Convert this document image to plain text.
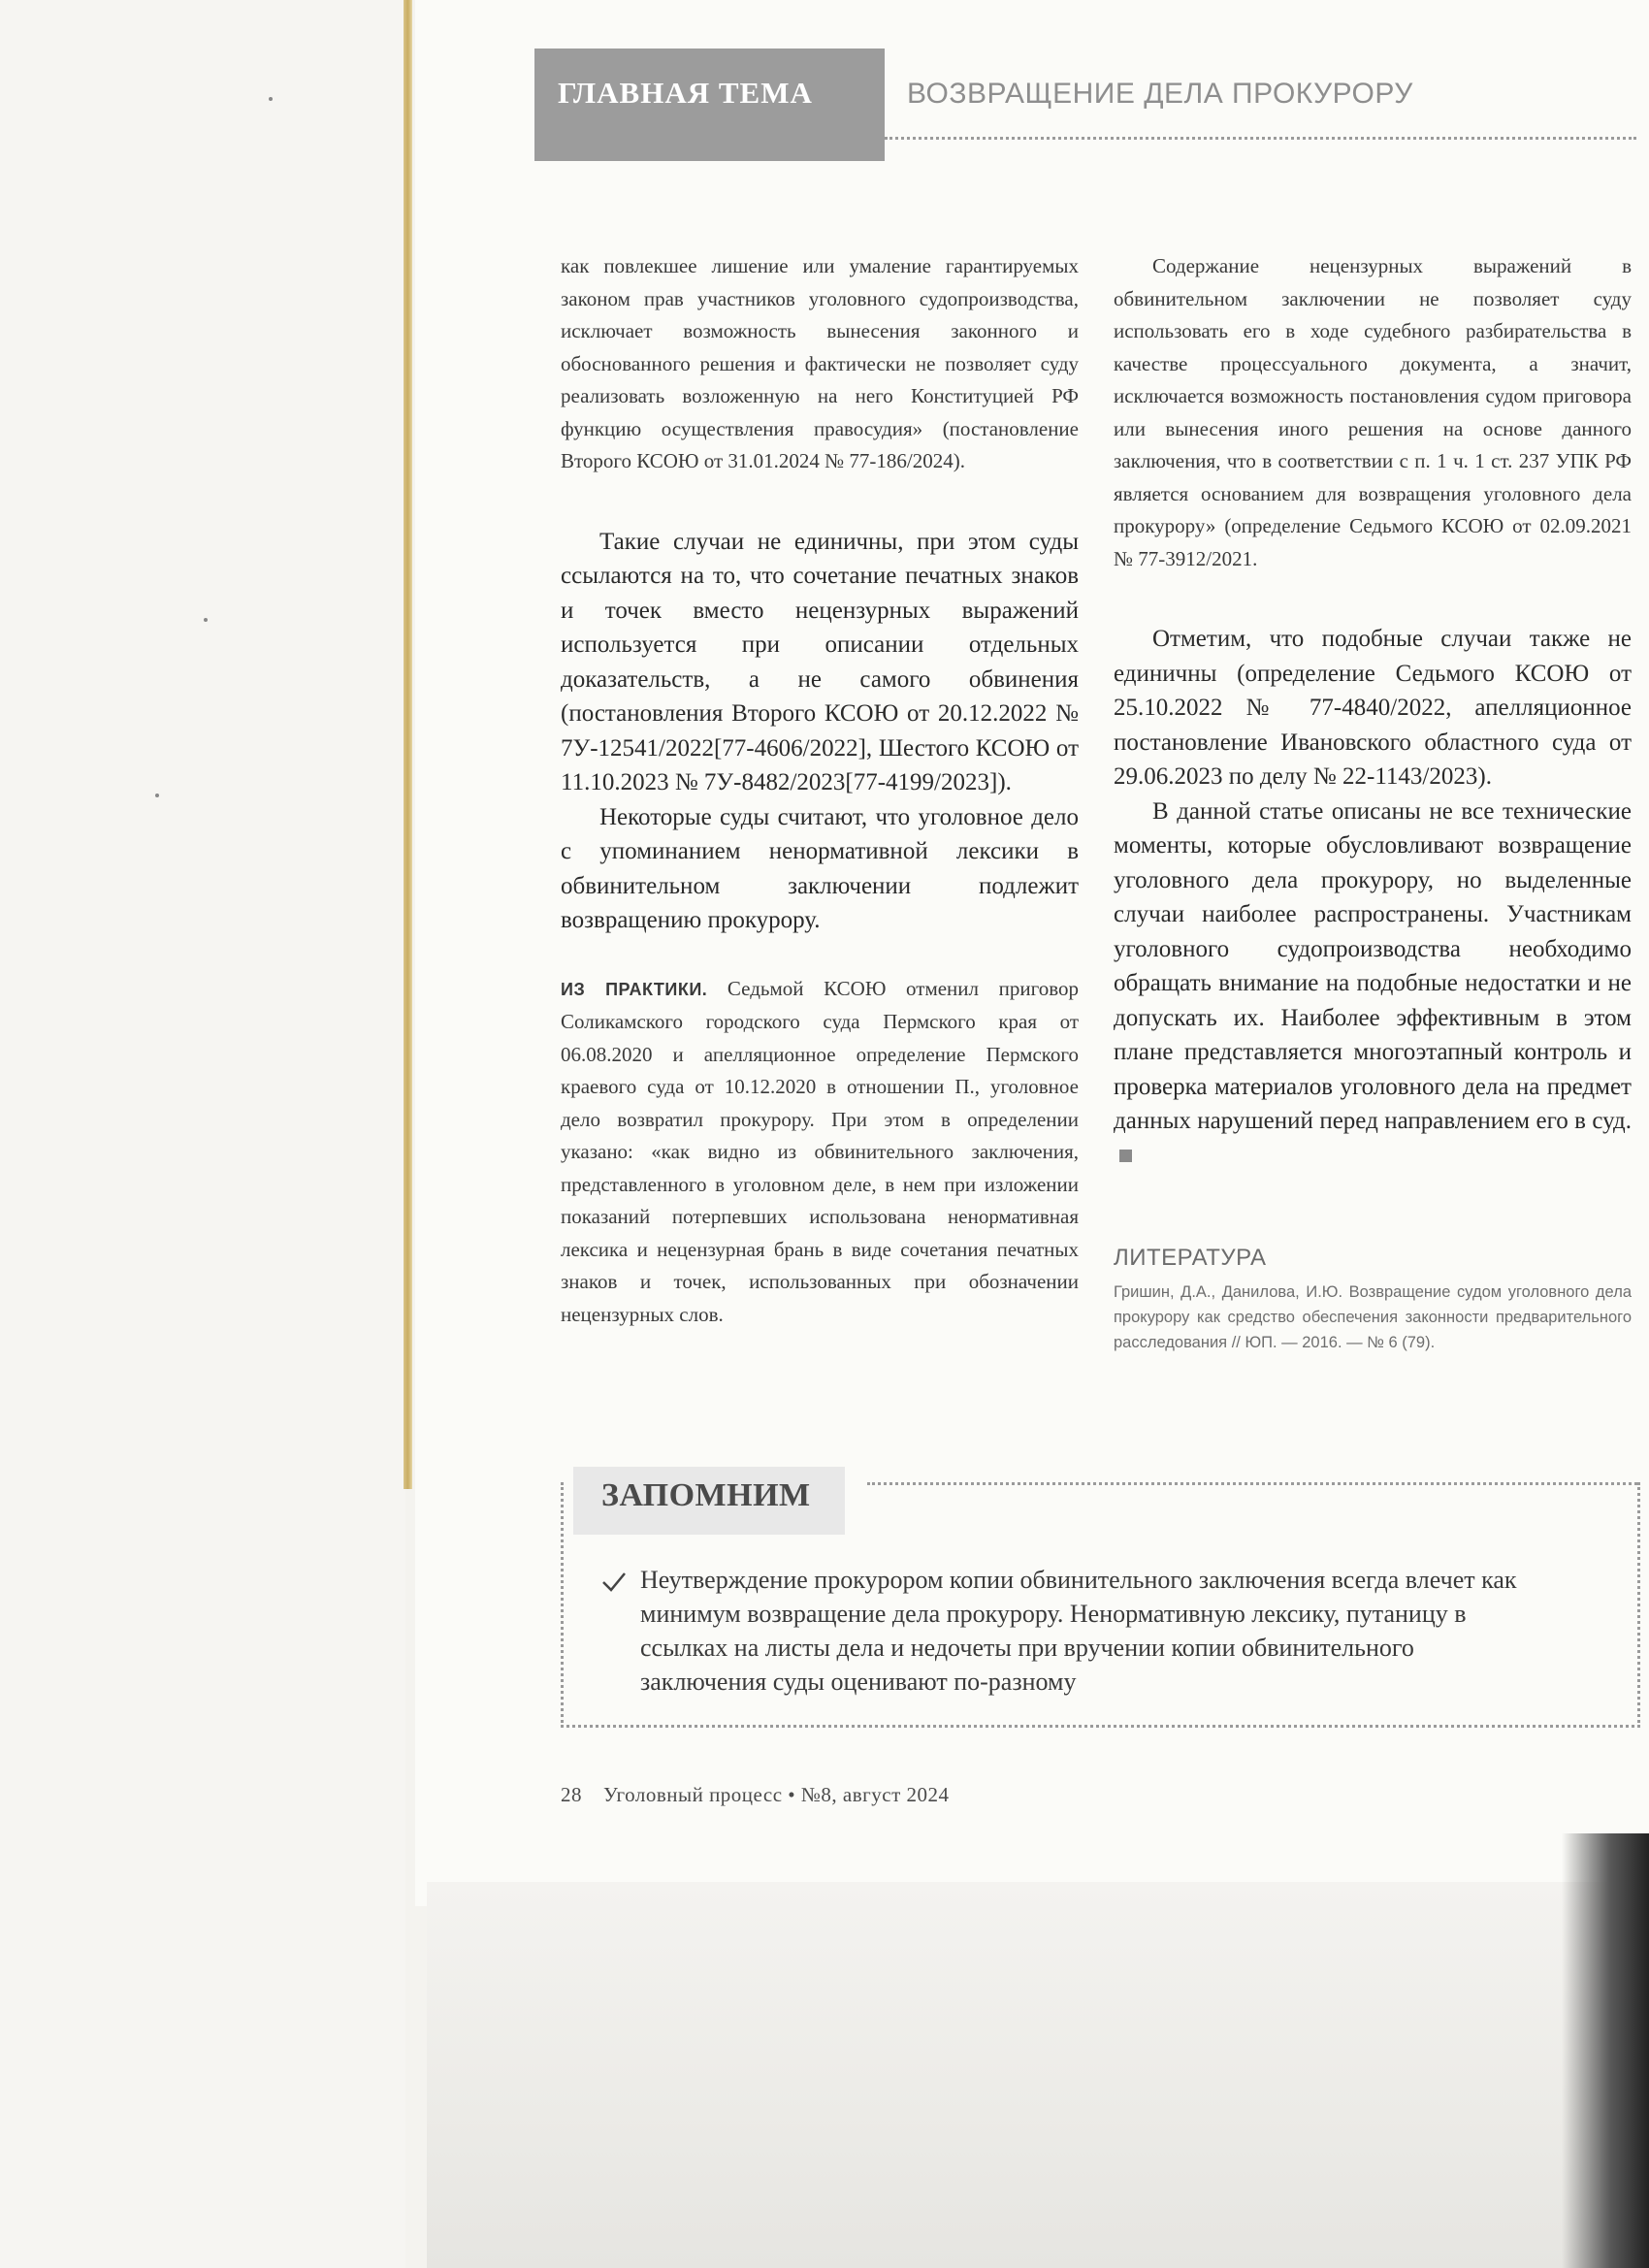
ГЛАВНАЯ ТЕМА	ВОЗВРАЩЕНИЕ ДЕЛА ПРОКУРОРУ

как повлекшее лишение или умаление гарантируемых законом прав участников уголовного судопроизводства, исключает возможность вынесения законного и обоснованного решения и фактически не позволяет суду реализовать возложенную на него Конституцией РФ функцию осуществления правосудия» (постановление Второго КСОЮ от 31.01.2024 № 77-186/2024).

Такие случаи не единичны, при этом суды ссылаются на то, что сочетание печатных знаков и точек вместо нецензурных выражений используется при описании отдельных доказательств, а не самого обвинения (постановления Второго КСОЮ от 20.12.2022 № 7У-12541/2022[77-4606/2022], Шестого КСОЮ от 11.10.2023 № 7У-8482/2023[77-4199/2023]).

Некоторые суды считают, что уголовное дело с упоминанием ненормативной лексики в обвинительном заключении подлежит возвращению прокурору.

ИЗ ПРАКТИКИ. Седьмой КСОЮ отменил приговор Соликамского городского суда Пермского края от 06.08.2020 и апелляционное определение Пермского краевого суда от 10.12.2020 в отношении П., уголовное дело возвратил прокурору. При этом в определении указано: «как видно из обвинительного заключения, представленного в уголовном деле, в нем при изложении показаний потерпевших использована ненормативная лексика и нецензурная брань в виде сочетания печатных знаков и точек, использованных при обозначении нецензурных слов.

Содержание нецензурных выражений в обвинительном заключении не позволяет суду использовать его в ходе судебного разбирательства в качестве процессуального документа, а значит, исключается возможность постановления судом приговора или вынесения иного решения на основе данного заключения, что в соответствии с п. 1 ч. 1 ст. 237 УПК РФ является основанием для возвращения уголовного дела прокурору» (определение Седьмого КСОЮ от 02.09.2021 № 77-3912/2021.

Отметим, что подобные случаи также не единичны (определение Седьмого КСОЮ от 25.10.2022 № 77-4840/2022, апелляционное постановление Ивановского областного суда от 29.06.2023 по делу № 22-1143/2023).

В данной статье описаны не все технические моменты, которые обусловливают возвращение уголовного дела прокурору, но выделенные случаи наиболее распространены. Участникам уголовного судопроизводства необходимо обращать внимание на подобные недостатки и не допускать их. Наиболее эффективным в этом плане представляется многоэтапный контроль и проверка материалов уголовного дела на предмет данных нарушений перед направлением его в суд.

ЛИТЕРАТУРА
Гришин, Д.А., Данилова, И.Ю. Возвращение судом уголовного дела прокурору как средство обеспечения законности предварительного расследования // ЮП. — 2016. — № 6 (79).
ЗАПОМНИМ
Неутверждение прокурором копии обвинительного заключения всегда влечет как минимум возвращение дела прокурору. Ненормативную лексику, путаницу в ссылках на листы дела и недочеты при вручении копии обвинительного заключения суды оценивают по-разному
28 Уголовный процесс • №8, август 2024
